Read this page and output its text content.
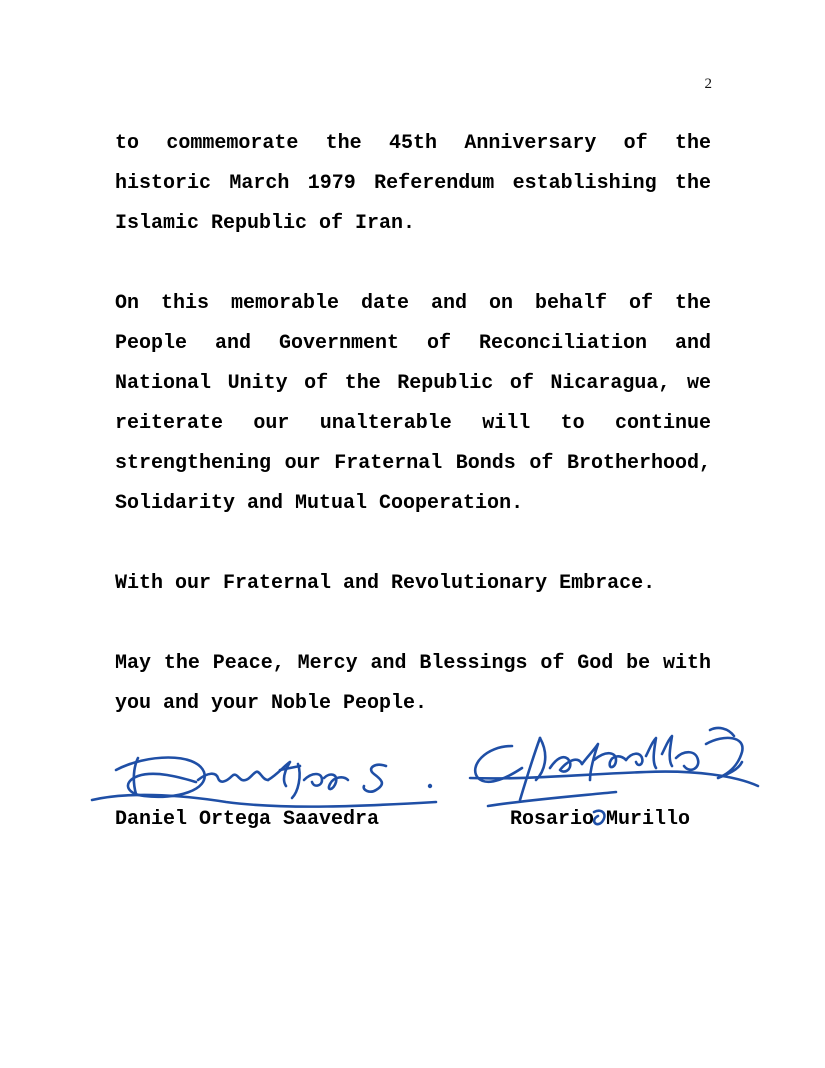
2

to commemorate the 45th Anniversary of the historic March 1979 Referendum establishing the Islamic Republic of Iran.

On this memorable date and on behalf of the People and Government of Reconciliation and National Unity of the Republic of Nicaragua, we reiterate our unalterable will to continue strengthening our Fraternal Bonds of Brotherhood, Solidarity and Mutual Cooperation.

With our Fraternal and Revolutionary Embrace.

May the Peace, Mercy and Blessings of God be with you and your Noble People.

Daniel Ortega Saavedra	Rosario Murillo
